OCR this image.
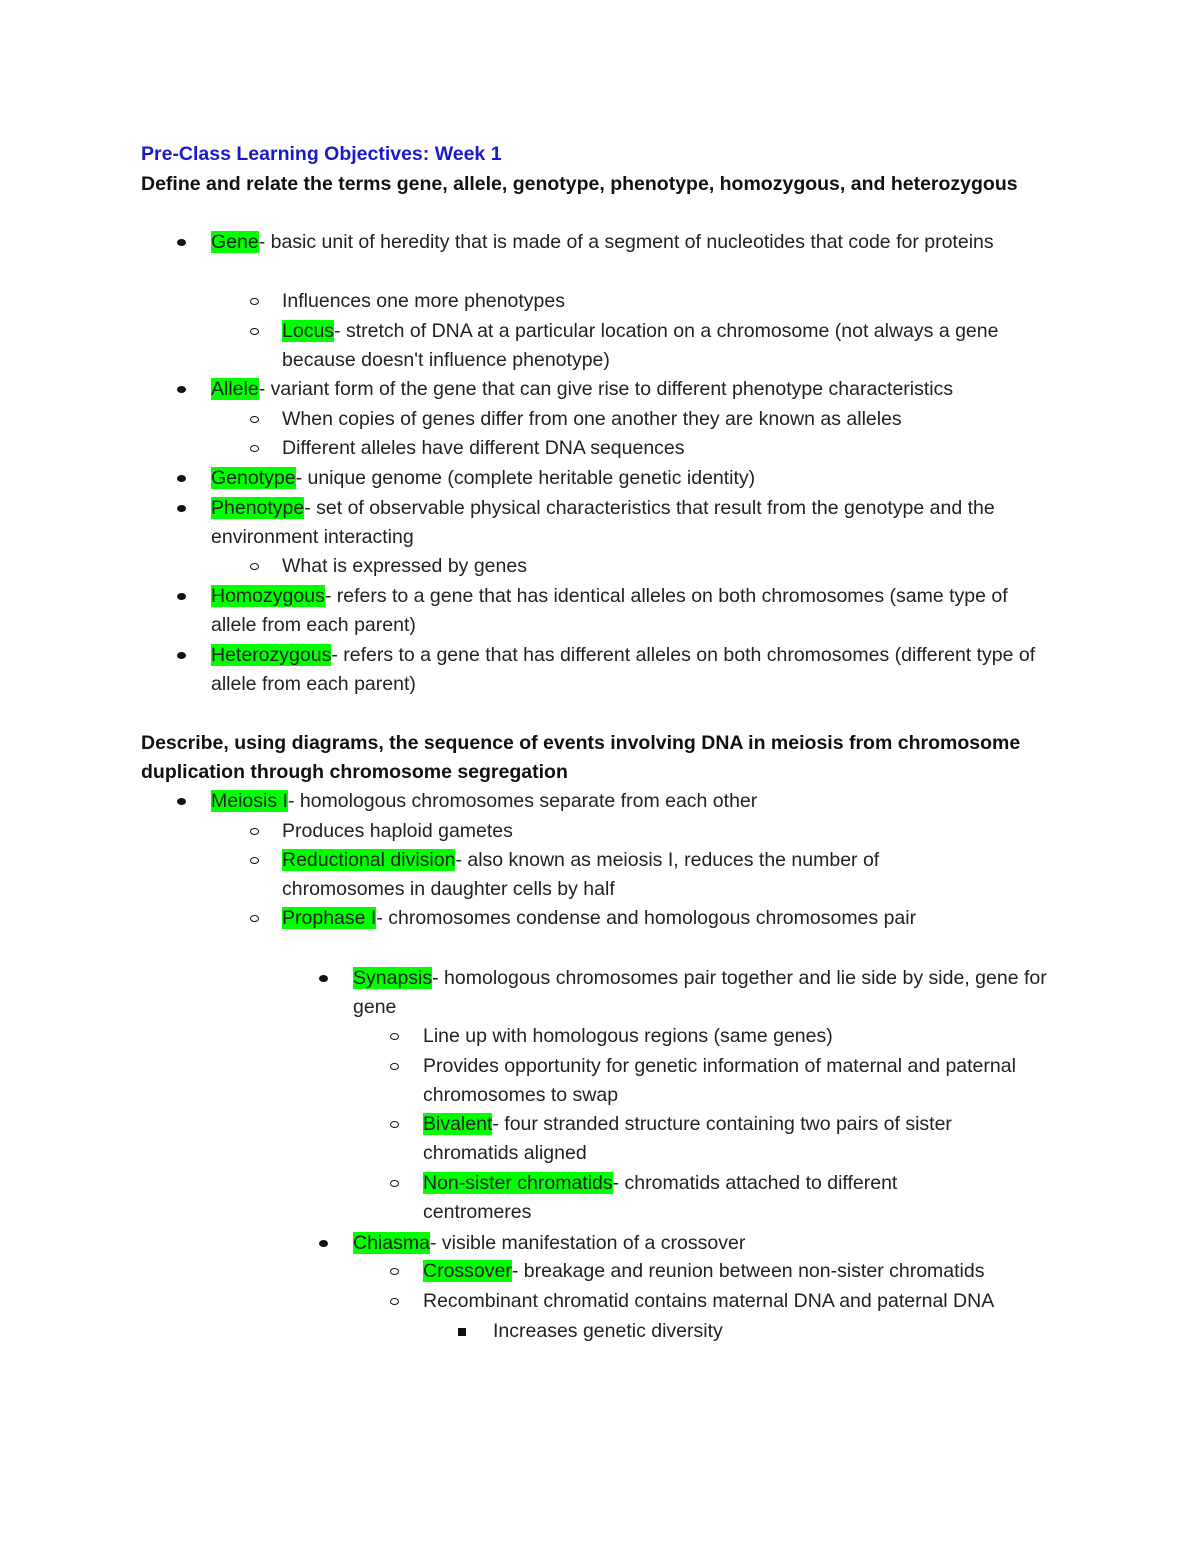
Pre-Class Learning Objectives: Week 1
Define and relate the terms gene, allele, genotype, phenotype, homozygous, and heterozygous
Gene- basic unit of heredity that is made of a segment of nucleotides that code for proteins
Influences one more phenotypes
Locus- stretch of DNA at a particular location on a chromosome (not always a gene because doesn't influence phenotype)
Allele- variant form of the gene that can give rise to different phenotype characteristics
When copies of genes differ from one another they are known as alleles
Different alleles have different DNA sequences
Genotype- unique genome (complete heritable genetic identity)
Phenotype- set of observable physical characteristics that result from the genotype and the environment interacting
What is expressed by genes
Homozygous- refers to a gene that has identical alleles on both chromosomes (same type of allele from each parent)
Heterozygous- refers to a gene that has different alleles on both chromosomes (different type of allele from each parent)
Describe, using diagrams, the sequence of events involving DNA in meiosis from chromosome duplication through chromosome segregation
Meiosis I- homologous chromosomes separate from each other
Produces haploid gametes
Reductional division- also known as meiosis I, reduces the number of chromosomes in daughter cells by half
Prophase I- chromosomes condense and homologous chromosomes pair
Synapsis- homologous chromosomes pair together and lie side by side, gene for gene
Line up with homologous regions (same genes)
Provides opportunity for genetic information of maternal and paternal chromosomes to swap
Bivalent- four stranded structure containing two pairs of sister chromatids aligned
Non-sister chromatids- chromatids attached to different centromeres
Chiasma- visible manifestation of a crossover
Crossover- breakage and reunion between non-sister chromatids
Recombinant chromatid contains maternal DNA and paternal DNA
Increases genetic diversity
